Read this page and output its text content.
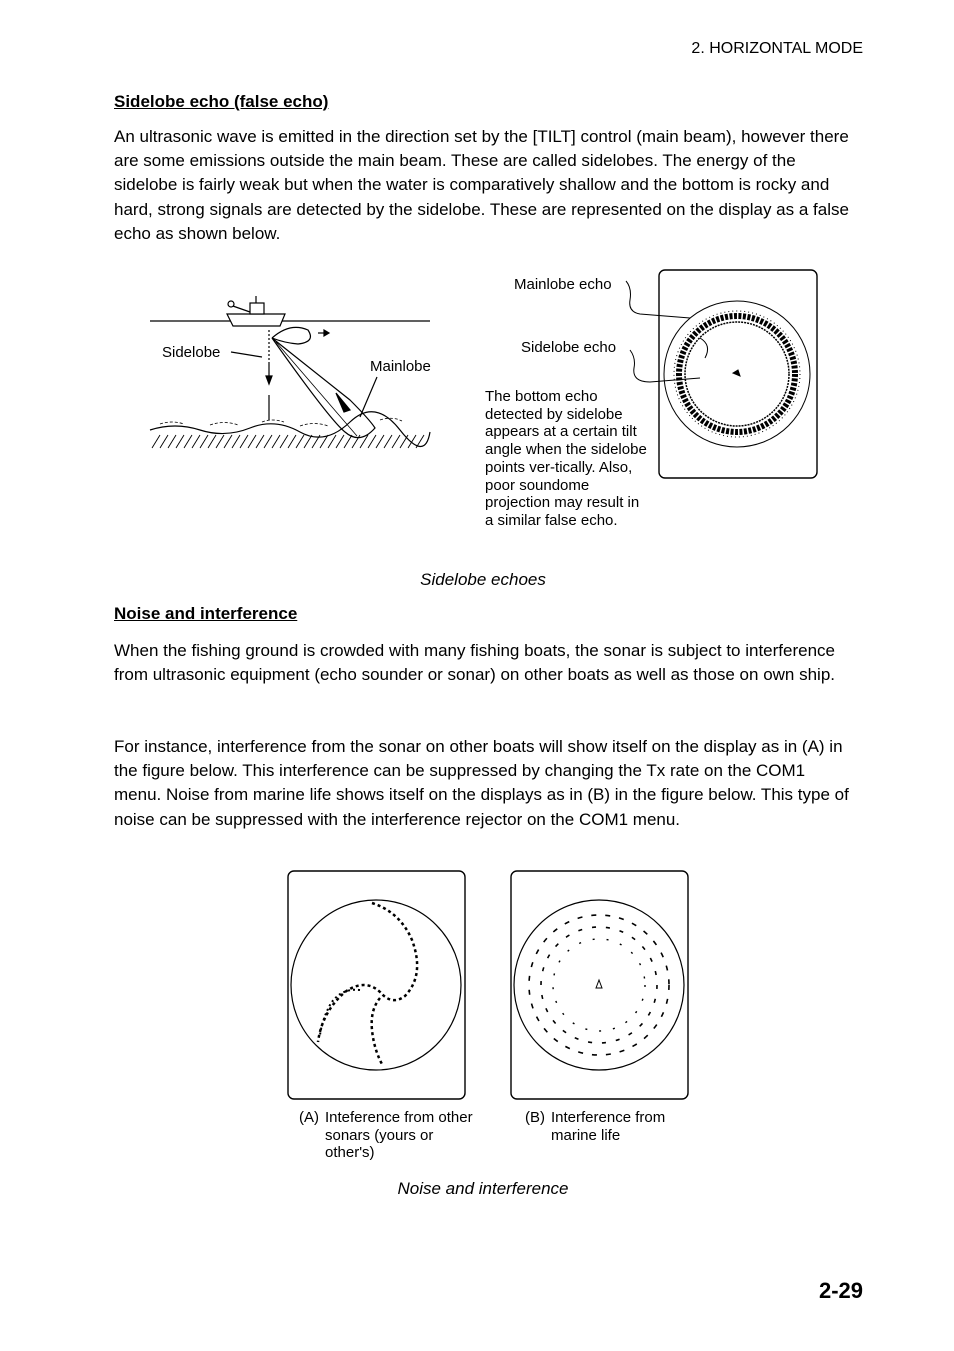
2. HORIZONTAL MODE
Sidelobe echo (false echo)
An ultrasonic wave is emitted in the direction set by the [TILT] control (main beam), however there are some emissions outside the main beam. These are called sidelobes. The energy of the sidelobe is fairly weak but when the water is comparatively shallow and the bottom is rocky and hard, strong signals are detected by the sidelobe. These are represented on the display as a false echo as shown below.
Sidelobe
Mainlobe
Mainlobe echo
Sidelobe echo
The bottom echo detected by sidelobe appears at a certain tilt angle when the sidelobe points ver-tically. Also, poor soundome projection may result in a similar false echo.
Sidelobe echoes
Noise and interference
When the fishing ground is crowded with many fishing boats, the sonar is subject to interference from ultrasonic equipment (echo sounder or sonar) on other boats as well as those on own ship.
For instance, interference from the sonar on other boats will show itself on the display as in (A) in the figure below. This interference can be suppressed by changing the Tx rate on the COM1 menu. Noise from marine life shows itself on the displays as in (B) in the figure below. This type of noise can be suppressed with the interference rejector on the COM1 menu.
(A) Inteference from other sonars (yours or other's)
(B) Interference from marine life
Noise and interference
2-29
